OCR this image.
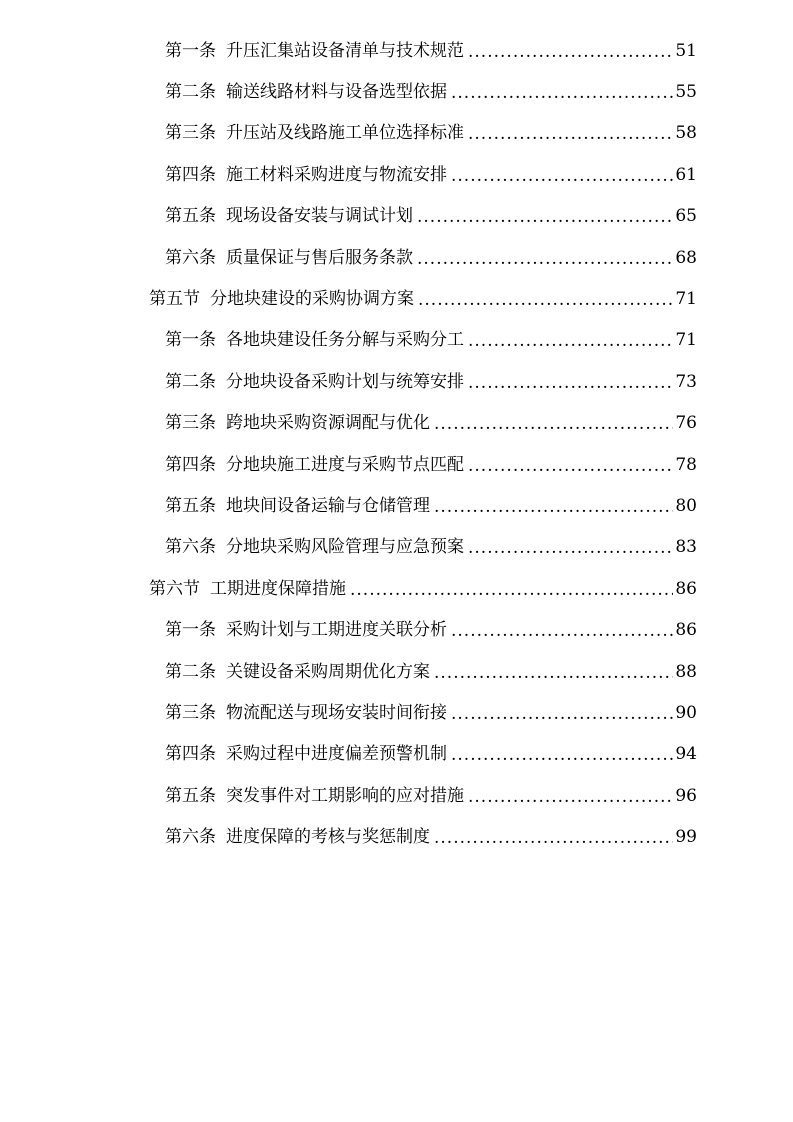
第一条 升压汇集站设备清单与技术规范 .....	51
第二条 输送线路材料与设备选型依据 .....	55
第三条 升压站及线路施工单位选择标准 .....	58
第四条 施工材料采购进度与物流安排 .....	61
第五条 现场设备安装与调试计划 .....	65
第六条 质量保证与售后服务条款 .....	68
第五节 分地块建设的采购协调方案 .....	71
第一条 各地块建设任务分解与采购分工 .....	71
第二条 分地块设备采购计划与统筹安排 .....	73
第三条 跨地块采购资源调配与优化 .....	76
第四条 分地块施工进度与采购节点匹配 .....	78
第五条 地块间设备运输与仓储管理 .....	80
第六条 分地块采购风险管理与应急预案 .....	83
第六节 工期进度保障措施 .....	86
第一条 采购计划与工期进度关联分析 .....	86
第二条 关键设备采购周期优化方案 .....	88
第三条 物流配送与现场安装时间衔接 .....	90
第四条 采购过程中进度偏差预警机制 .....	94
第五条 突发事件对工期影响的应对措施 .....	96
第六条 进度保障的考核与奖惩制度 .....	99
